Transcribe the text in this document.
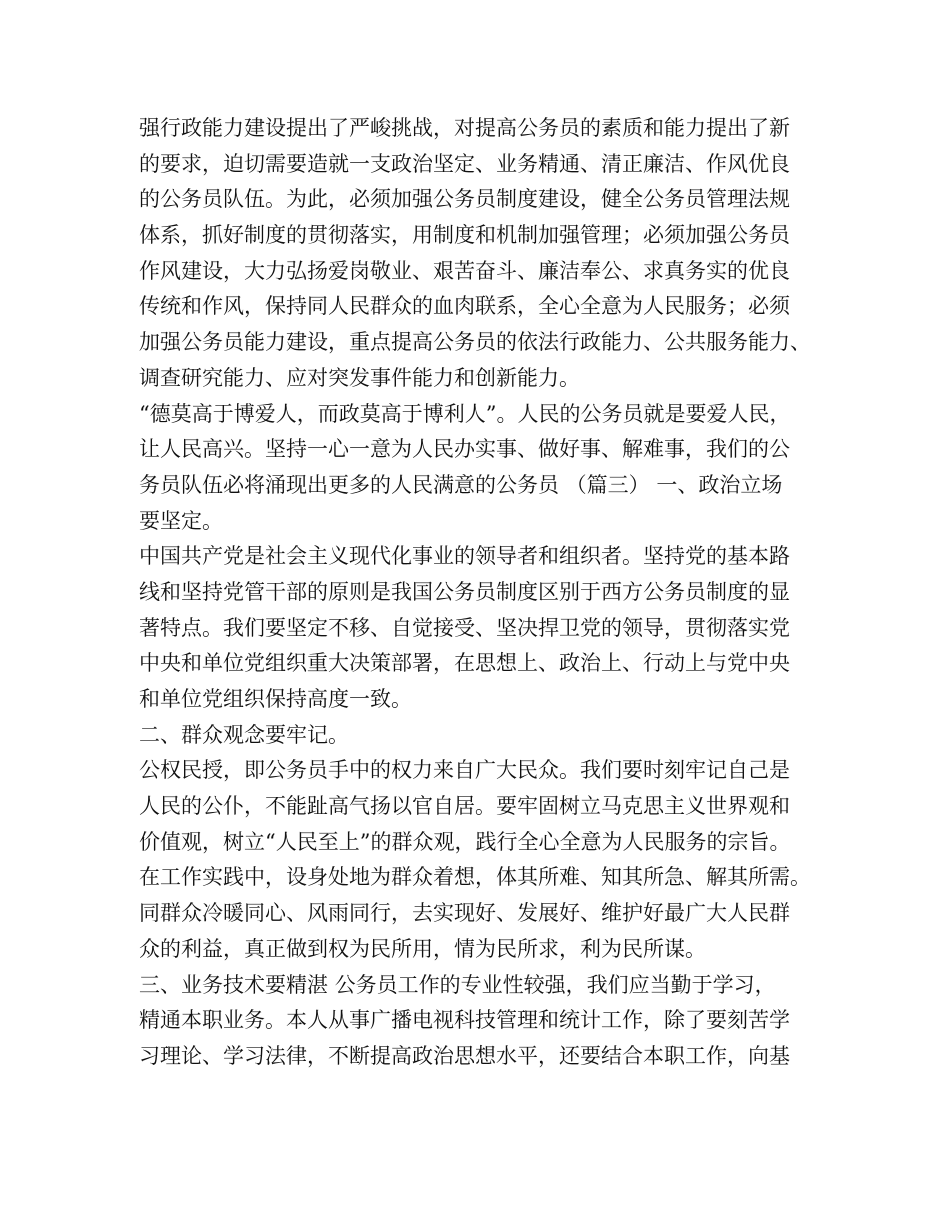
强行政能力建设提出了严峻挑战，对提高公务员的素质和能力提出了新
的要求，迫切需要造就一支政治坚定、业务精通、清正廉洁、作风优良
的公务员队伍。为此，必须加强公务员制度建设，健全公务员管理法规
体系，抓好制度的贯彻落实，用制度和机制加强管理；必须加强公务员
作风建设，大力弘扬爱岗敬业、艰苦奋斗、廉洁奉公、求真务实的优良
传统和作风，保持同人民群众的血肉联系，全心全意为人民服务；必须
加强公务员能力建设，重点提高公务员的依法行政能力、公共服务能力、
调查研究能力、应对突发事件能力和创新能力。
“德莫高于博爱人，而政莫高于博利人”。人民的公务员就是要爱人民，
让人民高兴。坚持一心一意为人民办实事、做好事、解难事，我们的公
务员队伍必将涌现出更多的人民满意的公务员 （篇三） 一、政治立场
要坚定。
中国共产党是社会主义现代化事业的领导者和组织者。坚持党的基本路
线和坚持党管干部的原则是我国公务员制度区别于西方公务员制度的显
著特点。我们要坚定不移、自觉接受、坚决捍卫党的领导，贯彻落实党
中央和单位党组织重大决策部署，在思想上、政治上、行动上与党中央
和单位党组织保持高度一致。
二、群众观念要牢记。
公权民授，即公务员手中的权力来自广大民众。我们要时刻牢记自己是
人民的公仆，不能趾高气扬以官自居。要牢固树立马克思主义世界观和
价值观，树立“人民至上”的群众观，践行全心全意为人民服务的宗旨。
在工作实践中，设身处地为群众着想，体其所难、知其所急、解其所需。
同群众冷暖同心、风雨同行，去实现好、发展好、维护好最广大人民群
众的利益，真正做到权为民所用，情为民所求，利为民所谋。
三、业务技术要精湛 公务员工作的专业性较强，我们应当勤于学习，
精通本职业务。本人从事广播电视科技管理和统计工作，除了要刻苦学
习理论、学习法律，不断提高政治思想水平，还要结合本职工作，向基
